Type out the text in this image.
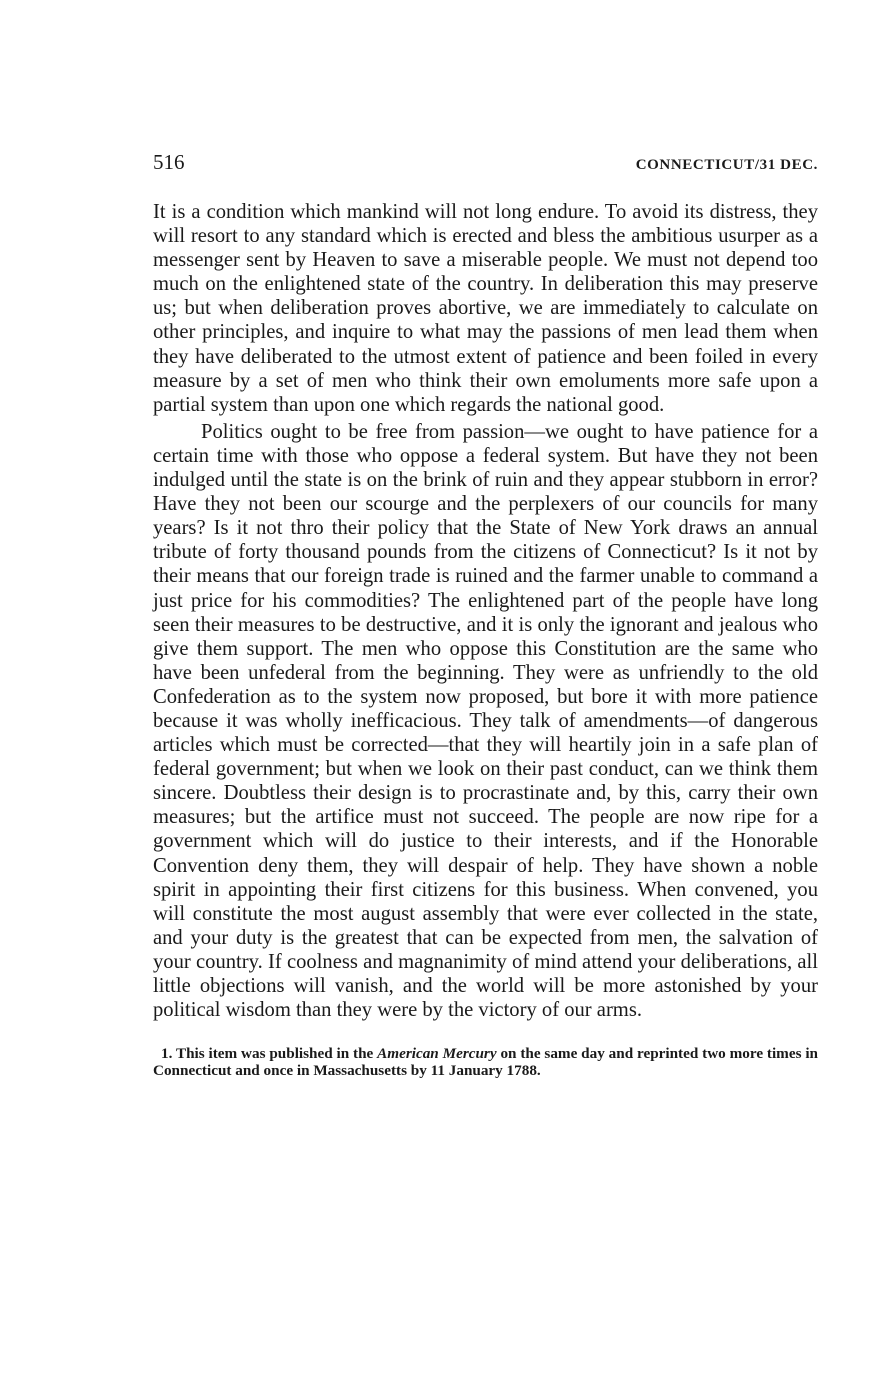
516	CONNECTICUT/31 DEC.

It is a condition which mankind will not long endure. To avoid its distress, they will resort to any standard which is erected and bless the ambitious usurper as a messenger sent by Heaven to save a miserable people. We must not depend too much on the enlightened state of the country. In deliberation this may preserve us; but when deliberation proves abortive, we are immediately to calculate on other principles, and inquire to what may the passions of men lead them when they have deliberated to the utmost extent of patience and been foiled in every measure by a set of men who think their own emoluments more safe upon a partial system than upon one which regards the national good.

Politics ought to be free from passion—we ought to have patience for a certain time with those who oppose a federal system. But have they not been indulged until the state is on the brink of ruin and they appear stubborn in error? Have they not been our scourge and the perplexers of our councils for many years? Is it not thro their policy that the State of New York draws an annual tribute of forty thousand pounds from the citizens of Connecticut? Is it not by their means that our foreign trade is ruined and the farmer unable to command a just price for his commodities? The enlightened part of the people have long seen their measures to be destructive, and it is only the ignorant and jealous who give them support. The men who oppose this Constitution are the same who have been unfederal from the beginning. They were as unfriendly to the old Confederation as to the system now proposed, but bore it with more patience because it was wholly inefficacious. They talk of amendments—of dangerous articles which must be corrected—that they will heartily join in a safe plan of federal government; but when we look on their past conduct, can we think them sincere. Doubtless their design is to procrastinate and, by this, carry their own measures; but the artifice must not succeed. The people are now ripe for a government which will do justice to their interests, and if the Honorable Convention deny them, they will despair of help. They have shown a noble spirit in appointing their first citizens for this business. When convened, you will constitute the most august assembly that were ever collected in the state, and your duty is the greatest that can be expected from men, the salvation of your country. If coolness and magnanimity of mind attend your deliberations, all little objections will vanish, and the world will be more astonished by your political wisdom than they were by the victory of our arms.

1. This item was published in the American Mercury on the same day and reprinted two more times in Connecticut and once in Massachusetts by 11 January 1788.
